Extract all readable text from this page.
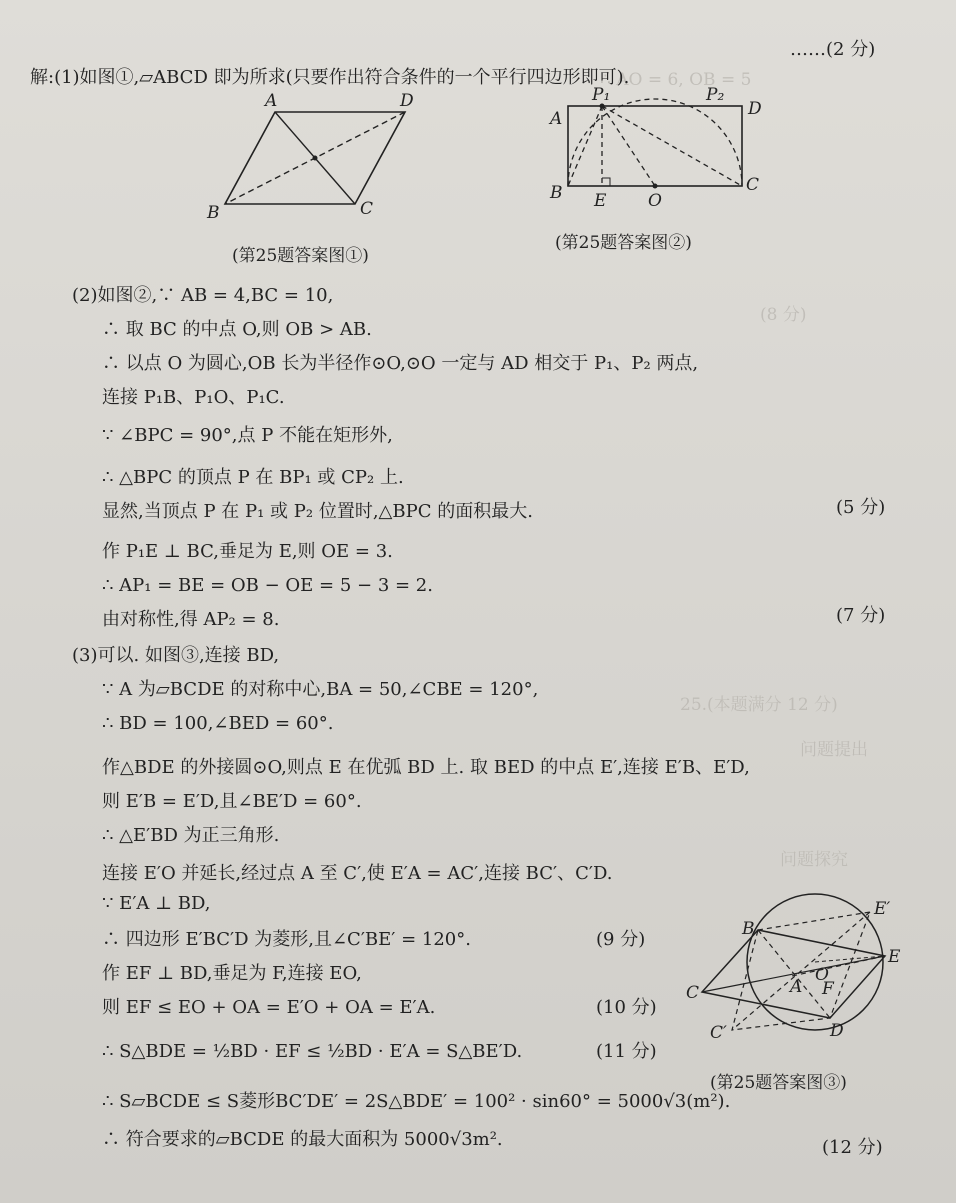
∴ AO = 6, OB = 5
(8 分)
25.(本题满分 12 分)
问题提出
问题探究
解:(1)如图①,▱ABCD 即为所求(只要作出符合条件的一个平行四边形即可).
……(2 分)
A	D
B	C
(第25题答案图①)
P₁	P₂
A	D
B E O
C
(第25题答案图②)
(2)如图②,∵ AB = 4,BC = 10,
∴ 取 BC 的中点 O,则 OB > AB.
∴ 以点 O 为圆心,OB 长为半径作⊙O,⊙O 一定与 AD 相交于 P₁、P₂ 两点,
连接 P₁B、P₁O、P₁C.
∵ ∠BPC = 90°,点 P 不能在矩形外,
∴ △BPC 的顶点 P 在 BP₁ 或 CP₂ 上.
显然,当顶点 P 在 P₁ 或 P₂ 位置时,△BPC 的面积最大.	(5 分)
作 P₁E ⊥ BC,垂足为 E,则 OE = 3.
∴ AP₁ = BE = OB − OE = 5 − 3 = 2.
由对称性,得 AP₂ = 8.	(7 分)
(3)可以. 如图③,连接 BD,
∵ A 为▱BCDE 的对称中心,BA = 50,∠CBE = 120°,
∴ BD = 100,∠BED = 60°.
作△BDE 的外接圆⊙O,则点 E 在优弧 BD 上. 取 BED 的中点 E′,连接 E′B、E′D,
则 E′B = E′D,且∠BE′D = 60°.
∴ △E′BD 为正三角形.
连接 E′O 并延长,经过点 A 至 C′,使 E′A = AC′,连接 BC′、C′D.
∵ E′A ⊥ BD,
∴ 四边形 E′BC′D 为菱形,且∠C′BE′ = 120°.	(9 分)
作 EF ⊥ BD,垂足为 F,连接 EO,
则 EF ≤ EO + OA = E′O + OA = E′A.	(10 分)
∴ S△BDE = ½BD · EF ≤ ½BD · E′A = S△BE′D.	(11 分)
∴ S▱BCDE ≤ S菱形BC′DE′ = 2S△BDE′ = 100² · sin60° = 5000√3(m²).
∴ 符合要求的▱BCDE 的最大面积为 5000√3m².	(12 分)
B
E′
E
O
A F
C
C′	D
(第25题答案图③)
